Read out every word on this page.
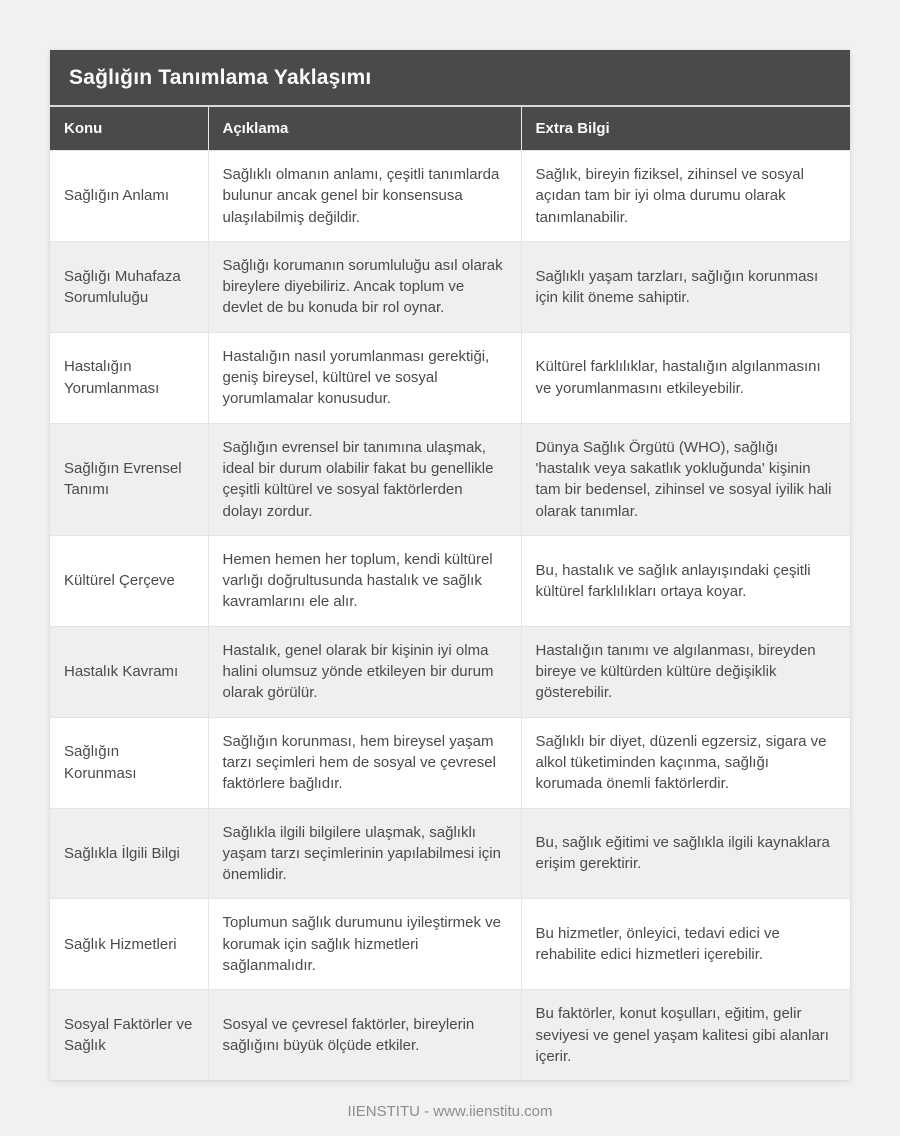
Sağlığın Tanımlama Yaklaşımı
Konu	Açıklama	Extra Bilgi
Sağlığın Anlamı	Sağlıklı olmanın anlamı, çeşitli tanımlarda bulunur ancak genel bir konsensusa ulaşılabilmiş değildir.	Sağlık, bireyin fiziksel, zihinsel ve sosyal açıdan tam bir iyi olma durumu olarak tanımlanabilir.
Sağlığı Muhafaza Sorumluluğu	Sağlığı korumanın sorumluluğu asıl olarak bireylere diyebiliriz. Ancak toplum ve devlet de bu konuda bir rol oynar.	Sağlıklı yaşam tarzları, sağlığın korunması için kilit öneme sahiptir.
Hastalığın Yorumlanması	Hastalığın nasıl yorumlanması gerektiği, geniş bireysel, kültürel ve sosyal yorumlamalar konusudur.	Kültürel farklılıklar, hastalığın algılanmasını ve yorumlanmasını etkileyebilir.
Sağlığın Evrensel Tanımı	Sağlığın evrensel bir tanımına ulaşmak, ideal bir durum olabilir fakat bu genellikle çeşitli kültürel ve sosyal faktörlerden dolayı zordur.	Dünya Sağlık Örgütü (WHO), sağlığı 'hastalık veya sakatlık yokluğunda' kişinin tam bir bedensel, zihinsel ve sosyal iyilik hali olarak tanımlar.
Kültürel Çerçeve	Hemen hemen her toplum, kendi kültürel varlığı doğrultusunda hastalık ve sağlık kavramlarını ele alır.	Bu, hastalık ve sağlık anlayışındaki çeşitli kültürel farklılıkları ortaya koyar.
Hastalık Kavramı	Hastalık, genel olarak bir kişinin iyi olma halini olumsuz yönde etkileyen bir durum olarak görülür.	Hastalığın tanımı ve algılanması, bireyden bireye ve kültürden kültüre değişiklik gösterebilir.
Sağlığın Korunması	Sağlığın korunması, hem bireysel yaşam tarzı seçimleri hem de sosyal ve çevresel faktörlere bağlıdır.	Sağlıklı bir diyet, düzenli egzersiz, sigara ve alkol tüketiminden kaçınma, sağlığı korumada önemli faktörlerdir.
Sağlıkla İlgili Bilgi	Sağlıkla ilgili bilgilere ulaşmak, sağlıklı yaşam tarzı seçimlerinin yapılabilmesi için önemlidir.	Bu, sağlık eğitimi ve sağlıkla ilgili kaynaklara erişim gerektirir.
Sağlık Hizmetleri	Toplumun sağlık durumunu iyileştirmek ve korumak için sağlık hizmetleri sağlanmalıdır.	Bu hizmetler, önleyici, tedavi edici ve rehabilite edici hizmetleri içerebilir.
Sosyal Faktörler ve Sağlık	Sosyal ve çevresel faktörler, bireylerin sağlığını büyük ölçüde etkiler.	Bu faktörler, konut koşulları, eğitim, gelir seviyesi ve genel yaşam kalitesi gibi alanları içerir.
IIENSTITU - www.iienstitu.com
